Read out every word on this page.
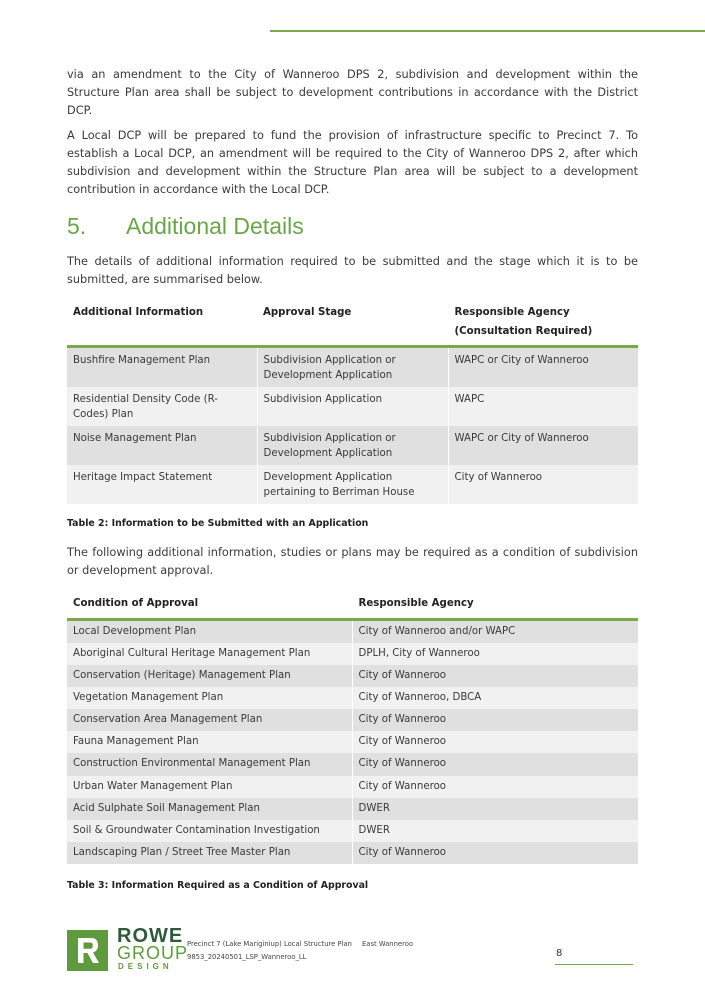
via an amendment to the City of Wanneroo DPS 2, subdivision and development within the Structure Plan area shall be subject to development contributions in accordance with the District DCP.

A Local DCP will be prepared to fund the provision of infrastructure specific to Precinct 7. To establish a Local DCP, an amendment will be required to the City of Wanneroo DPS 2, after which subdivision and development within the Structure Plan area will be subject to a development contribution in accordance with the Local DCP.

5.	Additional Details

The details of additional information required to be submitted and the stage which it is to be submitted, are summarised below.

Additional Information	Approval Stage	Responsible Agency
(Consultation Required)

Bushfire Management Plan	Subdivision Application or Development Application	WAPC or City of Wanneroo
Residential Density Code (R-Codes) Plan	Subdivision Application	WAPC
Noise Management Plan	Subdivision Application or Development Application	WAPC or City of Wanneroo
Heritage Impact Statement	Development Application pertaining to Berriman House	City of Wanneroo

Table 2: Information to be Submitted with an Application

The following additional information, studies or plans may be required as a condition of subdivision or development approval.

Condition of Approval	Responsible Agency
Local Development Plan	City of Wanneroo and/or WAPC
Aboriginal Cultural Heritage Management Plan	DPLH, City of Wanneroo
Conservation (Heritage) Management Plan	City of Wanneroo
Vegetation Management Plan	City of Wanneroo, DBCA
Conservation Area Management Plan	City of Wanneroo
Fauna Management Plan	City of Wanneroo
Construction Environmental Management Plan	City of Wanneroo
Urban Water Management Plan	City of Wanneroo
Acid Sulphate Soil Management Plan	DWER
Soil & Groundwater Contamination Investigation	DWER
Landscaping Plan / Street Tree Master Plan	City of Wanneroo

Table 3: Information Required as a Condition of Approval

ROWE
GROUP
DESIGN
Precinct 7 (Lake Mariginiup) Local Structure Plan East Wanneroo
9853_20240501_LSP_Wanneroo_LL	8
